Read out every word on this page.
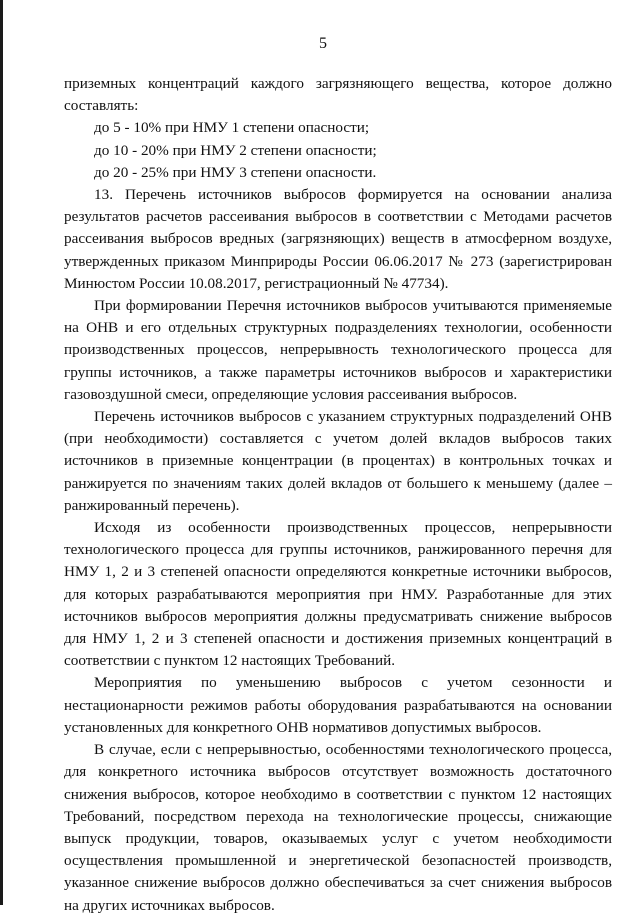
5

приземных концентраций каждого загрязняющего вещества, которое должно составлять:

до 5 - 10% при НМУ 1 степени опасности;

до 10 - 20% при НМУ 2 степени опасности;

до 20 - 25% при НМУ 3 степени опасности.

13. Перечень источников выбросов формируется на основании анализа результатов расчетов рассеивания выбросов в соответствии с Методами расчетов рассеивания выбросов вредных (загрязняющих) веществ в атмосферном воздухе, утвержденных приказом Минприроды России 06.06.2017 № 273 (зарегистрирован Минюстом России 10.08.2017, регистрационный № 47734).

При формировании Перечня источников выбросов учитываются применяемые на ОНВ и его отдельных структурных подразделениях технологии, особенности производственных процессов, непрерывность технологического процесса для группы источников, а также параметры источников выбросов и характеристики газовоздушной смеси, определяющие условия рассеивания выбросов.

Перечень источников выбросов с указанием структурных подразделений ОНВ (при необходимости) составляется с учетом долей вкладов выбросов таких источников в приземные концентрации (в процентах) в контрольных точках и ранжируется по значениям таких долей вкладов от большего к меньшему (далее – ранжированный перечень).

Исходя из особенности производственных процессов, непрерывности технологического процесса для группы источников, ранжированного перечня для НМУ 1, 2 и 3 степеней опасности определяются конкретные источники выбросов, для которых разрабатываются мероприятия при НМУ. Разработанные для этих источников выбросов мероприятия должны предусматривать снижение выбросов для НМУ 1, 2 и 3 степеней опасности и достижения приземных концентраций в соответствии с пунктом 12 настоящих Требований.

Мероприятия по уменьшению выбросов с учетом сезонности и нестационарности режимов работы оборудования разрабатываются на основании установленных для конкретного ОНВ нормативов допустимых выбросов.

В случае, если с непрерывностью, особенностями технологического процесса, для конкретного источника выбросов отсутствует возможность достаточного снижения выбросов, которое необходимо в соответствии с пунктом 12 настоящих Требований, посредством перехода на технологические процессы, снижающие выпуск продукции, товаров, оказываемых услуг с учетом необходимости осуществления промышленной и энергетической безопасностей производств, указанное снижение выбросов должно обеспечиваться за счет снижения выбросов на других источниках выбросов.
